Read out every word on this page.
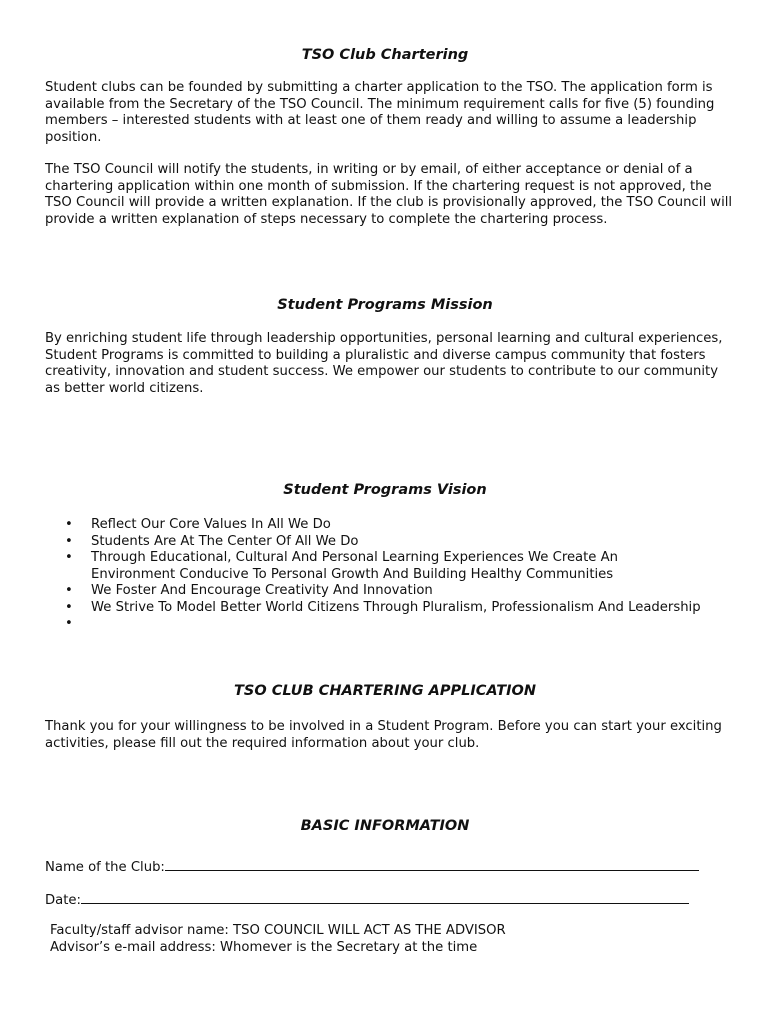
TSO Club Chartering

Student clubs can be founded by submitting a charter application to the TSO. The application form is available from the Secretary of the TSO Council. The minimum requirement calls for five (5) founding members – interested students with at least one of them ready and willing to assume a leadership position.

The TSO Council will notify the students, in writing or by email, of either acceptance or denial of a chartering application within one month of submission. If the chartering request is not approved, the TSO Council will provide a written explanation. If the club is provisionally approved, the TSO Council will provide a written explanation of steps necessary to complete the chartering process.

Student Programs Mission

By enriching student life through leadership opportunities, personal learning and cultural experiences, Student Programs is committed to building a pluralistic and diverse campus community that fosters creativity, innovation and student success. We empower our students to contribute to our community as better world citizens.

Student Programs Vision
• Reflect Our Core Values In All We Do
• Students Are At The Center Of All We Do
• Through Educational, Cultural And Personal Learning Experiences We Create An Environment Conducive To Personal Growth And Building Healthy Communities
• We Foster And Encourage Creativity And Innovation
• We Strive To Model Better World Citizens Through Pluralism, Professionalism And Leadership
•
TSO CLUB CHARTERING APPLICATION

Thank you for your willingness to be involved in a Student Program. Before you can start your exciting activities, please fill out the required information about your club.

BASIC INFORMATION

Name of the Club:

Date:

Faculty/staff advisor name: TSO COUNCIL WILL ACT AS THE ADVISOR

Advisor’s e-mail address: Whomever is the Secretary at the time
